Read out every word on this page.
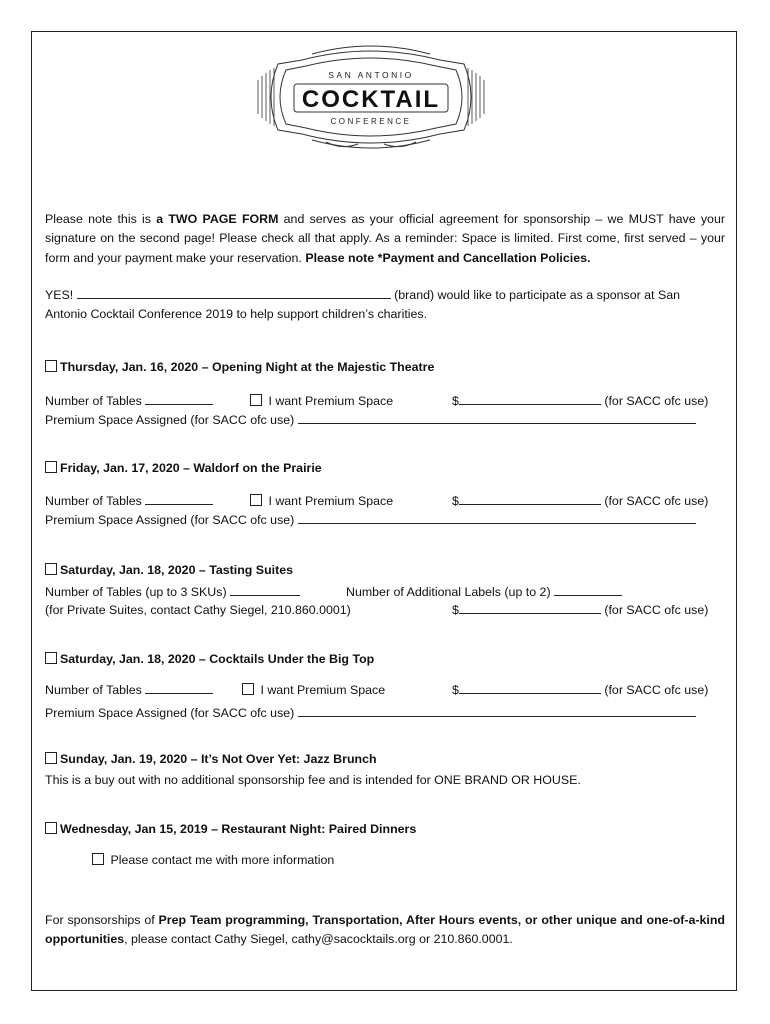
SAN ANTONIO
COCKTAIL
CONFERENCE
Please note this is a TWO PAGE FORM and serves as your official agreement for sponsorship – we MUST have your signature on the second page! Please check all that apply. As a reminder: Space is limited. First come, first served – your form and your payment make your reservation. Please note *Payment and Cancellation Policies.
YES!	(brand) would like to participate as a sponsor at San
Antonio Cocktail Conference 2019 to help support children’s charities.
Thursday, Jan. 16, 2020 – Opening Night at the Majestic Theatre
Number of Tables	I want Premium Space	$	(for SACC ofc use)
Premium Space Assigned (for SACC ofc use)
Friday, Jan. 17, 2020 – Waldorf on the Prairie
Number of Tables	I want Premium Space	$	(for SACC ofc use)
Premium Space Assigned (for SACC ofc use)
Saturday, Jan. 18, 2020 – Tasting Suites
Number of Tables (up to 3 SKUs)	Number of Additional Labels (up to 2)
(for Private Suites, contact Cathy Siegel, 210.860.0001)	$	(for SACC ofc use)
Saturday, Jan. 18, 2020 – Cocktails Under the Big Top
Number of Tables	I want Premium Space	$	(for SACC ofc use)
Premium Space Assigned (for SACC ofc use)
Sunday, Jan. 19, 2020 – It’s Not Over Yet: Jazz Brunch
This is a buy out with no additional sponsorship fee and is intended for ONE BRAND OR HOUSE.
Wednesday, Jan 15, 2019 – Restaurant Night: Paired Dinners
Please contact me with more information
For sponsorships of Prep Team programming, Transportation, After Hours events, or other unique and one-of-a-kind opportunities, please contact Cathy Siegel, cathy@sacocktails.org or 210.860.0001.
